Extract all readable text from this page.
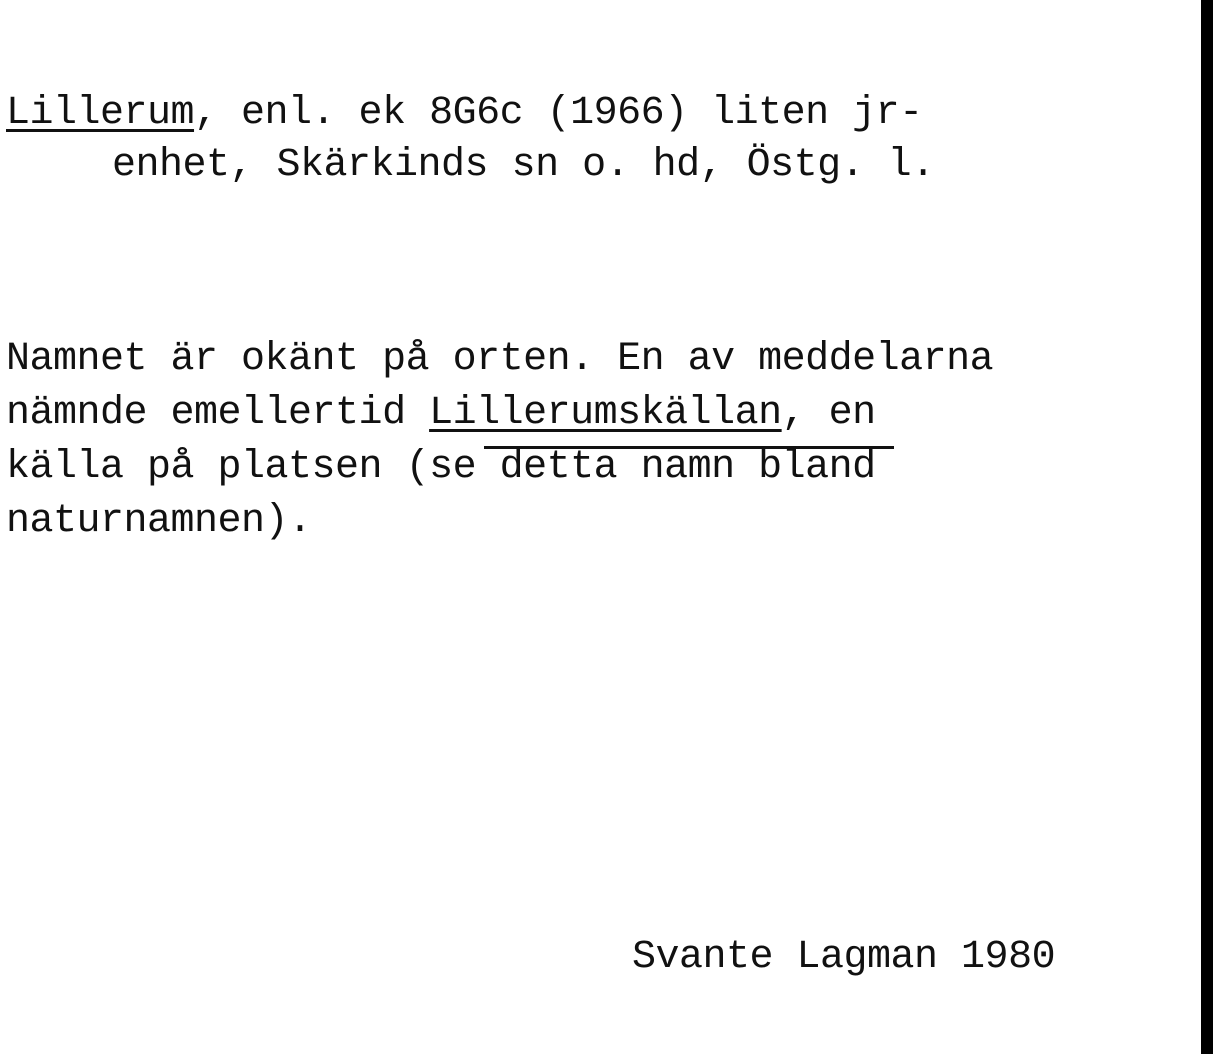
Lillerum, enl. ek 8G6c (1966) liten jr-
enhet, Skärkinds sn o. hd, Östg. l.
Namnet är okänt på orten. En av meddelarna
nämnde emellertid Lillerumskällan, en
källa på platsen (se detta namn bland
naturnamnen).
Svante Lagman 1980
